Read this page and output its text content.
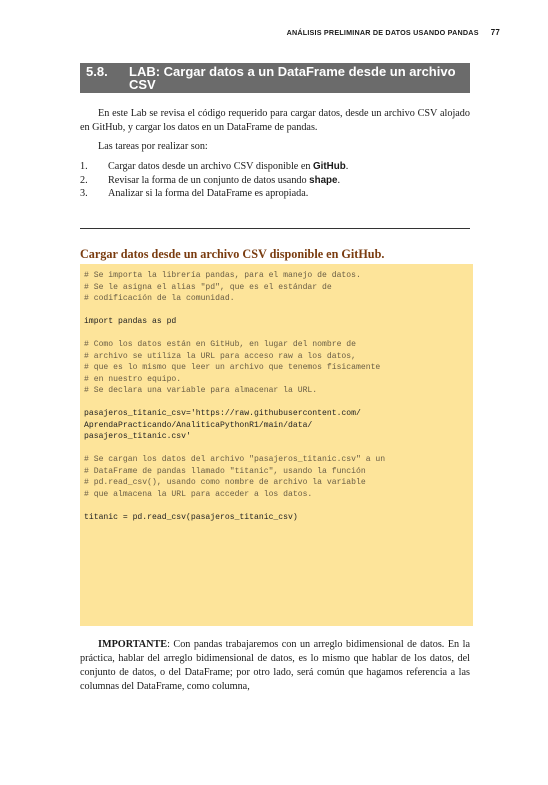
ANÁLISIS PRELIMINAR DE DATOS USANDO PANDAS 77
5.8. LAB: Cargar datos a un DataFrame desde un archivo CSV
En este Lab se revisa el código requerido para cargar datos, desde un archivo CSV alojado en GitHub, y cargar los datos en un DataFrame de pandas.
Las tareas por realizar son:
1. Cargar datos desde un archivo CSV disponible en GitHub.
2. Revisar la forma de un conjunto de datos usando shape.
3. Analizar si la forma del DataFrame es apropiada.
Cargar datos desde un archivo CSV disponible en GitHub.
# Se importa la librería pandas, para el manejo de datos.
# Se le asigna el alias "pd", que es el estándar de
# codificación de la comunidad.
import pandas as pd
# Como los datos están en GitHub, en lugar del nombre de
# archivo se utiliza la URL para acceso raw a los datos,
# que es lo mismo que leer un archivo que tenemos físicamente
# en nuestro equipo.
# Se declara una variable para almacenar la URL.
pasajeros_titanic_csv='https://raw.githubusercontent.com/
AprendaPracticando/AnaliticaPythonR1/main/data/
pasajeros_titanic.csv'
# Se cargan los datos del archivo "pasajeros_titanic.csv" a un
# DataFrame de pandas llamado "titanic", usando la función
# pd.read_csv(), usando como nombre de archivo la variable
# que almacena la URL para acceder a los datos.
titanic = pd.read_csv(pasajeros_titanic_csv)
IMPORTANTE: Con pandas trabajaremos con un arreglo bidimensional de datos. En la práctica, hablar del arreglo bidimensional de datos, es lo mismo que hablar de los datos, del conjunto de datos, o del DataFrame; por otro lado, será común que hagamos referencia a las columnas del DataFrame, como columna,
